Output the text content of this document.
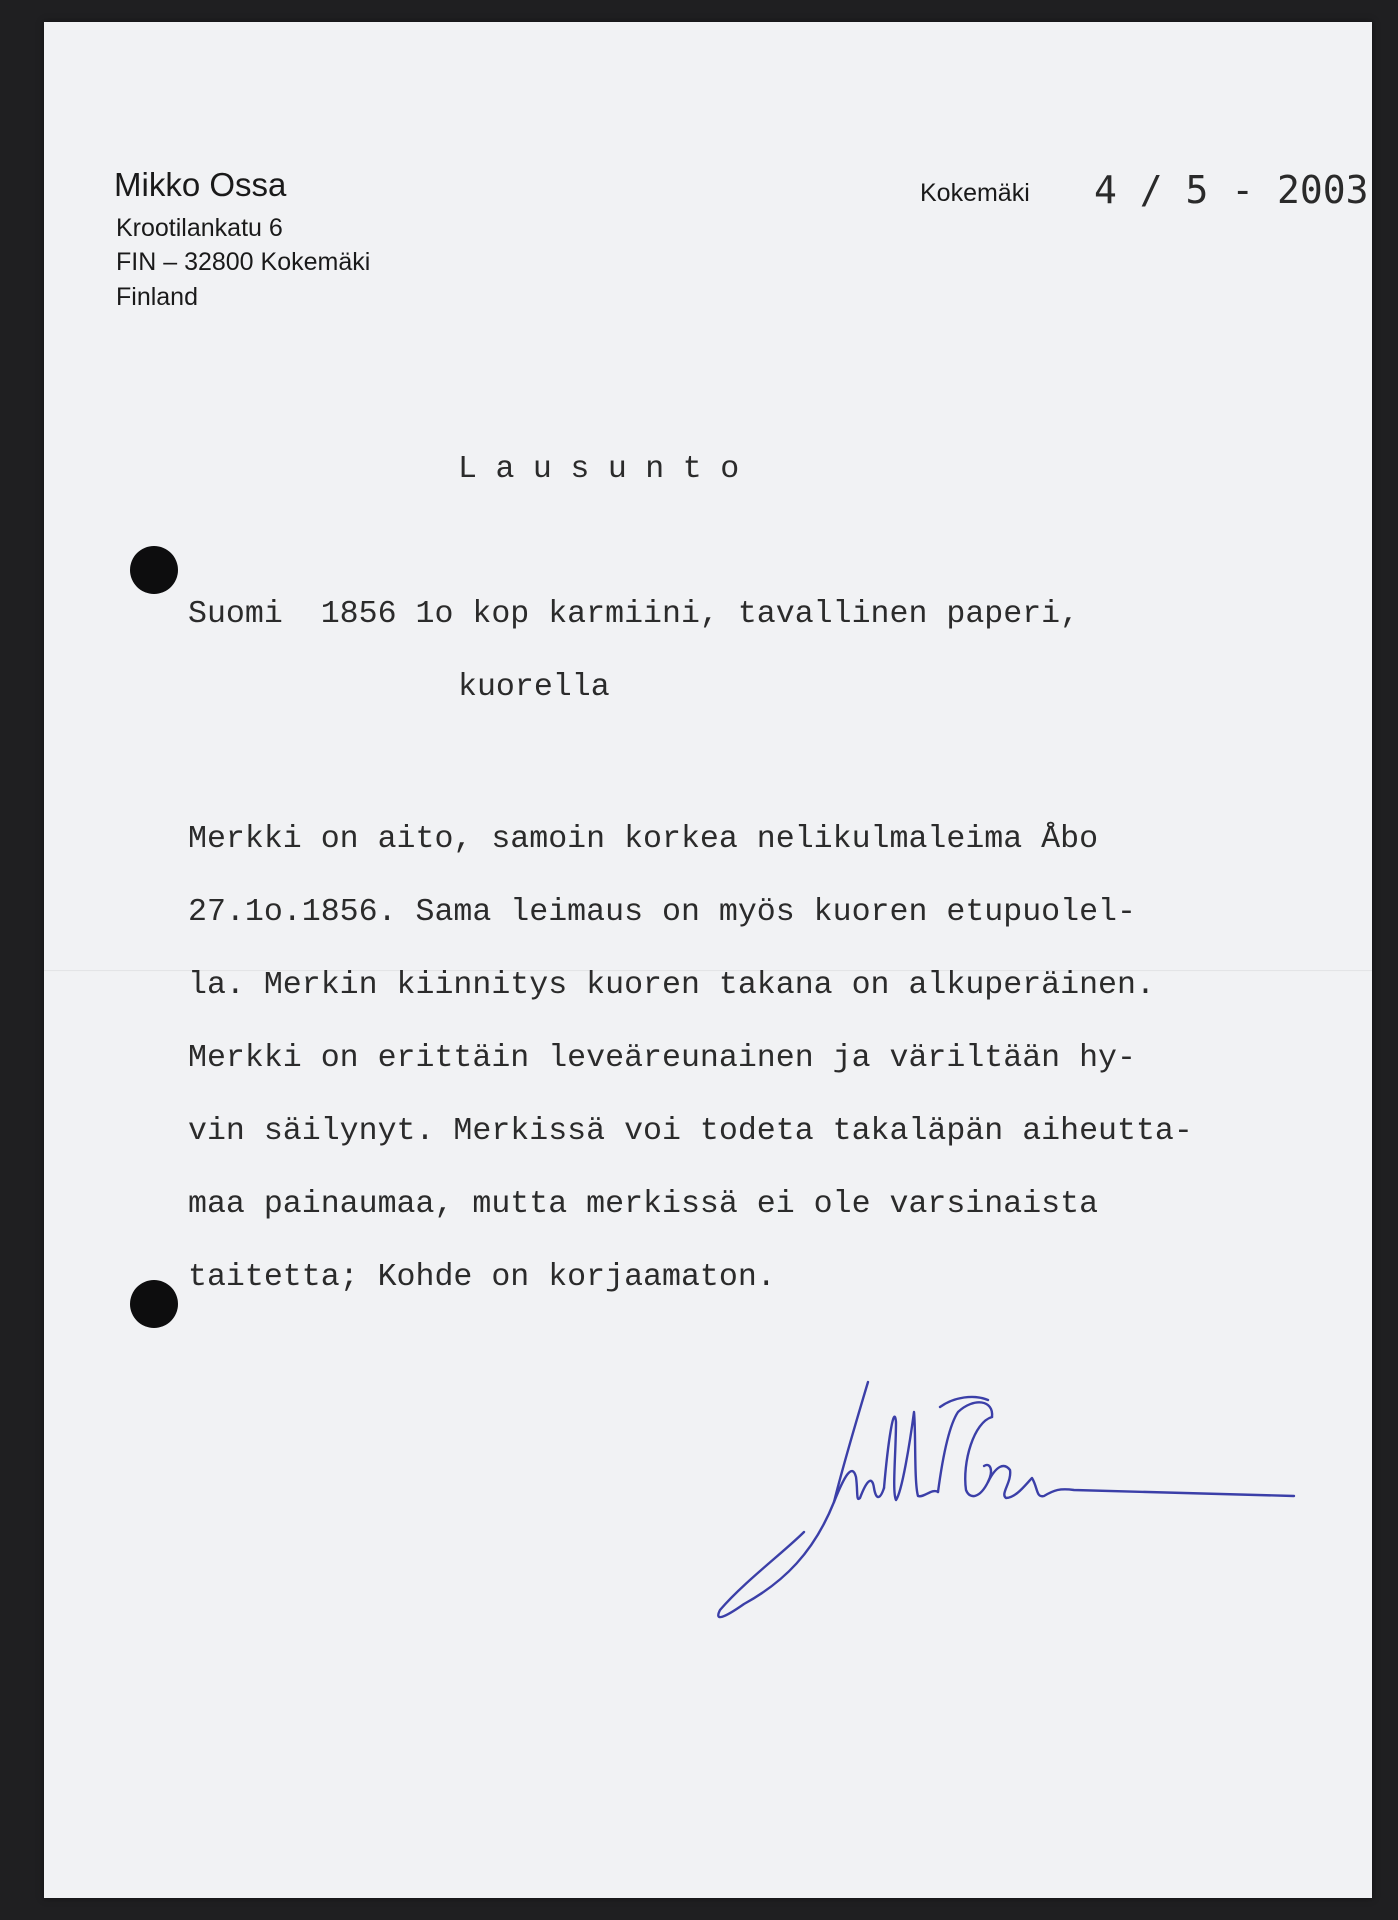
Mikko Ossa
Krootilankatu 6
FIN – 32800 Kokemäki
Finland
Kokemäki 4 / 5 - 2003
Lausunto
Suomi  1856 1o kop karmiini, tavallinen paperi,
kuorella
Merkki on aito, samoin korkea nelikulmaleima Åbo
27.1o.1856. Sama leimaus on myös kuoren etupuolel-
la. Merkin kiinnitys kuoren takana on alkuperäinen.
Merkki on erittäin leveäreunainen ja väriltään hy-
vin säilynyt. Merkissä voi todeta takaläpän aiheutta-
maa painaumaa, mutta merkissä ei ole varsinaista
taitetta; Kohde on korjaamaton.
